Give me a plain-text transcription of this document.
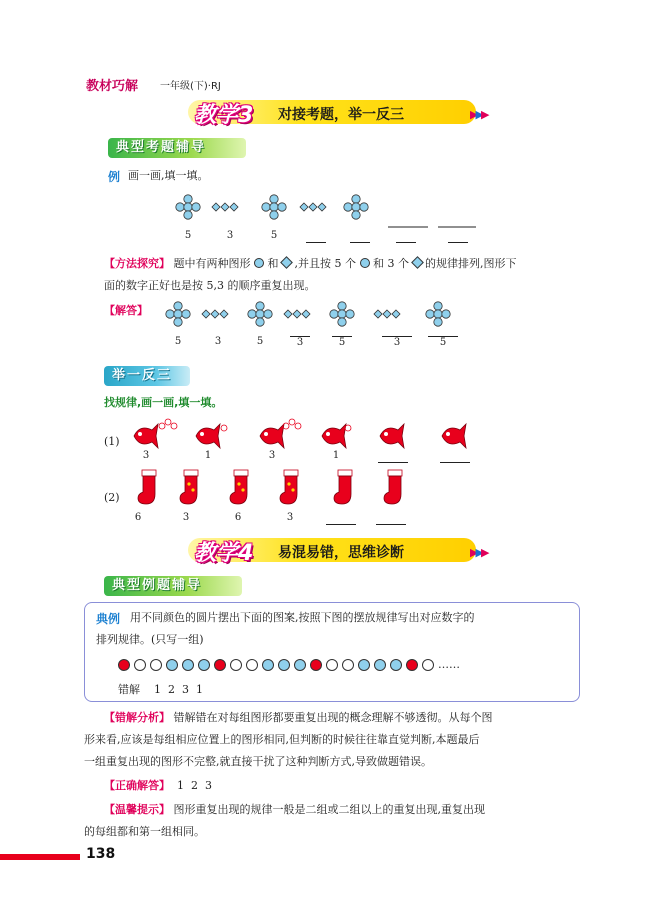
教材巧解 一年级(下)·RJ
教学3 对接考题，举一反三	▶▶▶
典型考题辅导
例 画一画,填一填。
5	3	5
【方法探究】 题中有两种图形 和 ,并且按 5 个 和 3 个 的规律排列,图形下
面的数字正好也是按 5,3 的顺序重复出现。
【解答】
5	3	5	3	5	3	5
举一反三
找规律,画一画,填一填。
(1)
3	1	3	1
(2)
6	3	6	3
教学4 易混易错，思维诊断	▶▶▶
典型例题辅导
典例 用不同颜色的圆片摆出下面的图案,按照下图的摆放规律写出对应数字的
排列规律。(只写一组)
……
错解 1  2  3  1
【错解分析】 错解错在对每组图形都要重复出现的概念理解不够透彻。从每个图
形来看,应该是每组相应位置上的图形相同,但判断的时候往往靠直觉判断,本题最后
一组重复出现的图形不完整,就直接干扰了这种判断方式,导致做题错误。
【正确解答】 1  2  3
【温馨提示】 图形重复出现的规律一般是二组或二组以上的重复出现,重复出现
的每组都和第一组相同。
138
